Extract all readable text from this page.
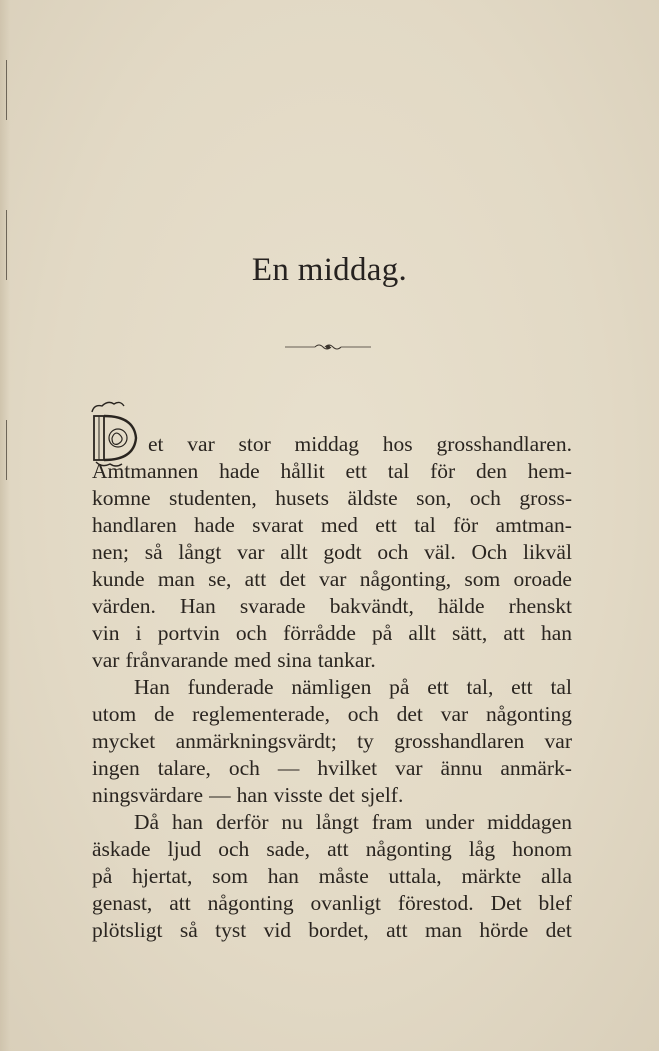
En middag.
D
et var stor middag hos grosshandlaren.
Amtmannen hade hållit ett tal för den hem-
komne studenten, husets äldste son, och gross-
handlaren hade svarat med ett tal för amtman-
nen; så långt var allt godt och väl. Och likväl
kunde man se, att det var någonting, som oroade
värden. Han svarade bakvändt, hälde rhenskt
vin i portvin och förrådde på allt sätt, att han
var frånvarande med sina tankar.
Han funderade nämligen på ett tal, ett tal
utom de reglementerade, och det var någonting
mycket anmärkningsvärdt; ty grosshandlaren var
ingen talare, och — hvilket var ännu anmärk-
ningsvärdare — han visste det sjelf.
Då han derför nu långt fram under middagen
äskade ljud och sade, att någonting låg honom
på hjertat, som han måste uttala, märkte alla
genast, att någonting ovanligt förestod. Det blef
plötsligt så tyst vid bordet, att man hörde det
